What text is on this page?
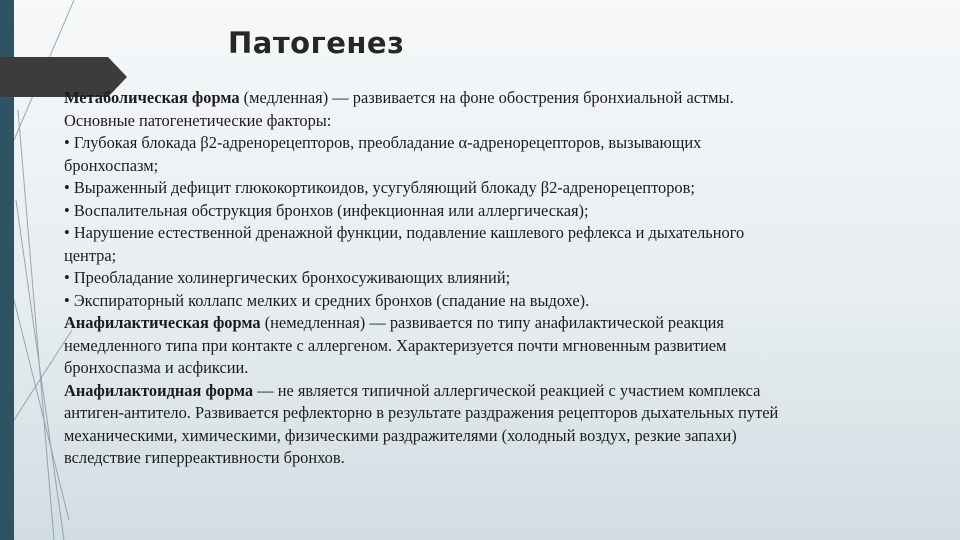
Патогенез

Метаболическая форма (медленная) — развивается на фоне обострения бронхиальной астмы.

Основные патогенетические факторы:

• Глубокая блокада β2-адренорецепторов, преобладание α-адренорецепторов, вызывающих

бронхоспазм;

• Выраженный дефицит глюкокортикоидов, усугубляющий блокаду β2-адренорецепторов;

• Воспалительная обструкция бронхов (инфекционная или аллергическая);

• Нарушение естественной дренажной функции, подавление кашлевого рефлекса и дыхательного

центра;

• Преобладание холинергических бронхосуживающих влияний;

• Экспираторный коллапс мелких и средних бронхов (спадание на выдохе).

Анафилактическая форма (немедленная) — развивается по типу анафилактической реакция

немедленного типа при контакте с аллергеном. Характеризуется почти мгновенным развитием

бронхоспазма и асфиксии.

Анафилактоидная форма — не является типичной аллергической реакцией с участием комплекса

антиген-антитело. Развивается рефлекторно в результате раздражения рецепторов дыхательных путей

механическими, химическими, физическими раздражителями (холодный воздух, резкие запахи)

вследствие гиперреактивности бронхов.
